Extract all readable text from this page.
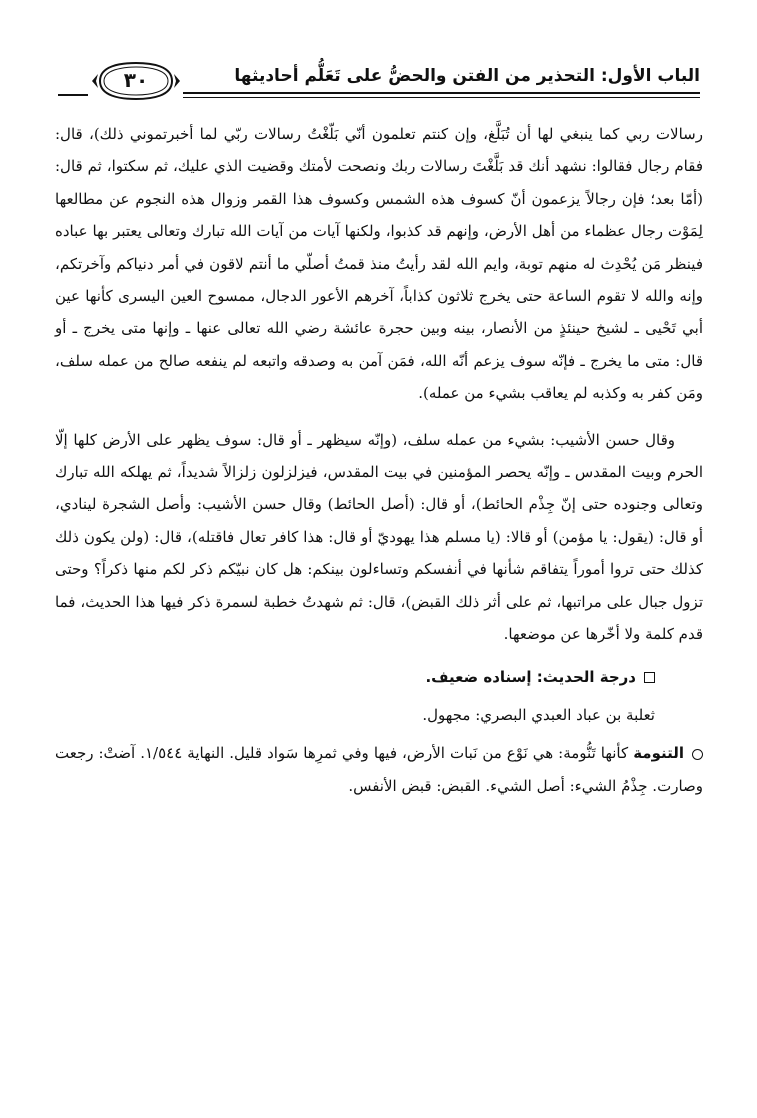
٣٠	الباب الأول: التحذير من الفتن والحضُّ على تَعَلُّم أحاديثها

رسالات ربي كما ينبغي لها أن تُبَلَّغ، وإن كنتم تعلمون أنّي بَلّغْتُ رسالات ربّي لما أخبرتموني ذلك)، قال: فقام رجال فقالوا: نشهد أنك قد بَلَّغْتَ رسالات ربك ونصحت لأمتك وقضيت الذي عليك، ثم سكتوا، ثم قال: (أمّا بعد؛ فإن رجالاً يزعمون أنّ كسوف هذه الشمس وكسوف هذا القمر وزوال هذه النجوم عن مطالعها لِمَوْت رجال عظماء من أهل الأرض، وإنهم قد كذبوا، ولكنها آيات من آيات الله تبارك وتعالى يعتبر بها عباده فينظر مَن يُحْدِث له منهم توبة، وايم الله لقد رأيتُ منذ قمتُ أصلّي ما أنتم لاقون في أمر دنياكم وآخرتكم، وإنه والله لا تقوم الساعة حتى يخرج ثلاثون كذاباً، آخرهم الأعور الدجال، ممسوح العين اليسرى كأنها عين أبي تَحْيى ـ لشيخ حينئذٍ من الأنصار، بينه وبين حجرة عائشة رضي الله تعالى عنها ـ وإنها متى يخرج ـ أو قال: متى ما يخرج ـ فإنّه سوف يزعم أنّه الله، فمَن آمن به وصدقه واتبعه لم ينفعه صالح من عمله سلف، ومَن كفر به وكذبه لم يعاقب بشيء من عمله).

وقال حسن الأشيب: بشيء من عمله سلف، (وإنّه سيظهر ـ أو قال: سوف يظهر على الأرض كلها إلّا الحرم وبيت المقدس ـ وإنّه يحصر المؤمنين في بيت المقدس، فيزلزلون زلزالاً شديداً، ثم يهلكه الله تبارك وتعالى وجنوده حتى إنّ جِذْم الحائط)، أو قال: (أصل الحائط) وقال حسن الأشيب: وأصل الشجرة لينادي، أو قال: (يقول: يا مؤمن) أو قالا: (يا مسلم هذا يهوديّ أو قال: هذا كافر تعال فاقتله)، قال: (ولن يكون ذلك كذلك حتى تروا أموراً يتفاقم شأنها في أنفسكم وتساءلون بينكم: هل كان نبيّكم ذكر لكم منها ذكراً؟ وحتى تزول جبال على مراتبها، ثم على أثر ذلك القبض)، قال: ثم شهدتُ خطبة لسمرة ذكر فيها هذا الحديث، فما قدم كلمة ولا أخّرها عن موضعها.

درجة الحديث: إسناده ضعيف.

ثعلبة بن عباد العبدي البصري: مجهول.

التنومة كأنها تَنُّومة: هي نَوْع من نَبات الأرض، فيها وفي ثمرِها سَواد قليل. النهاية ١/٥٤٤. آضتْ: رجعت وصارت. جِذْمُ الشيء: أصل الشيء. القبض: قبض الأنفس.
